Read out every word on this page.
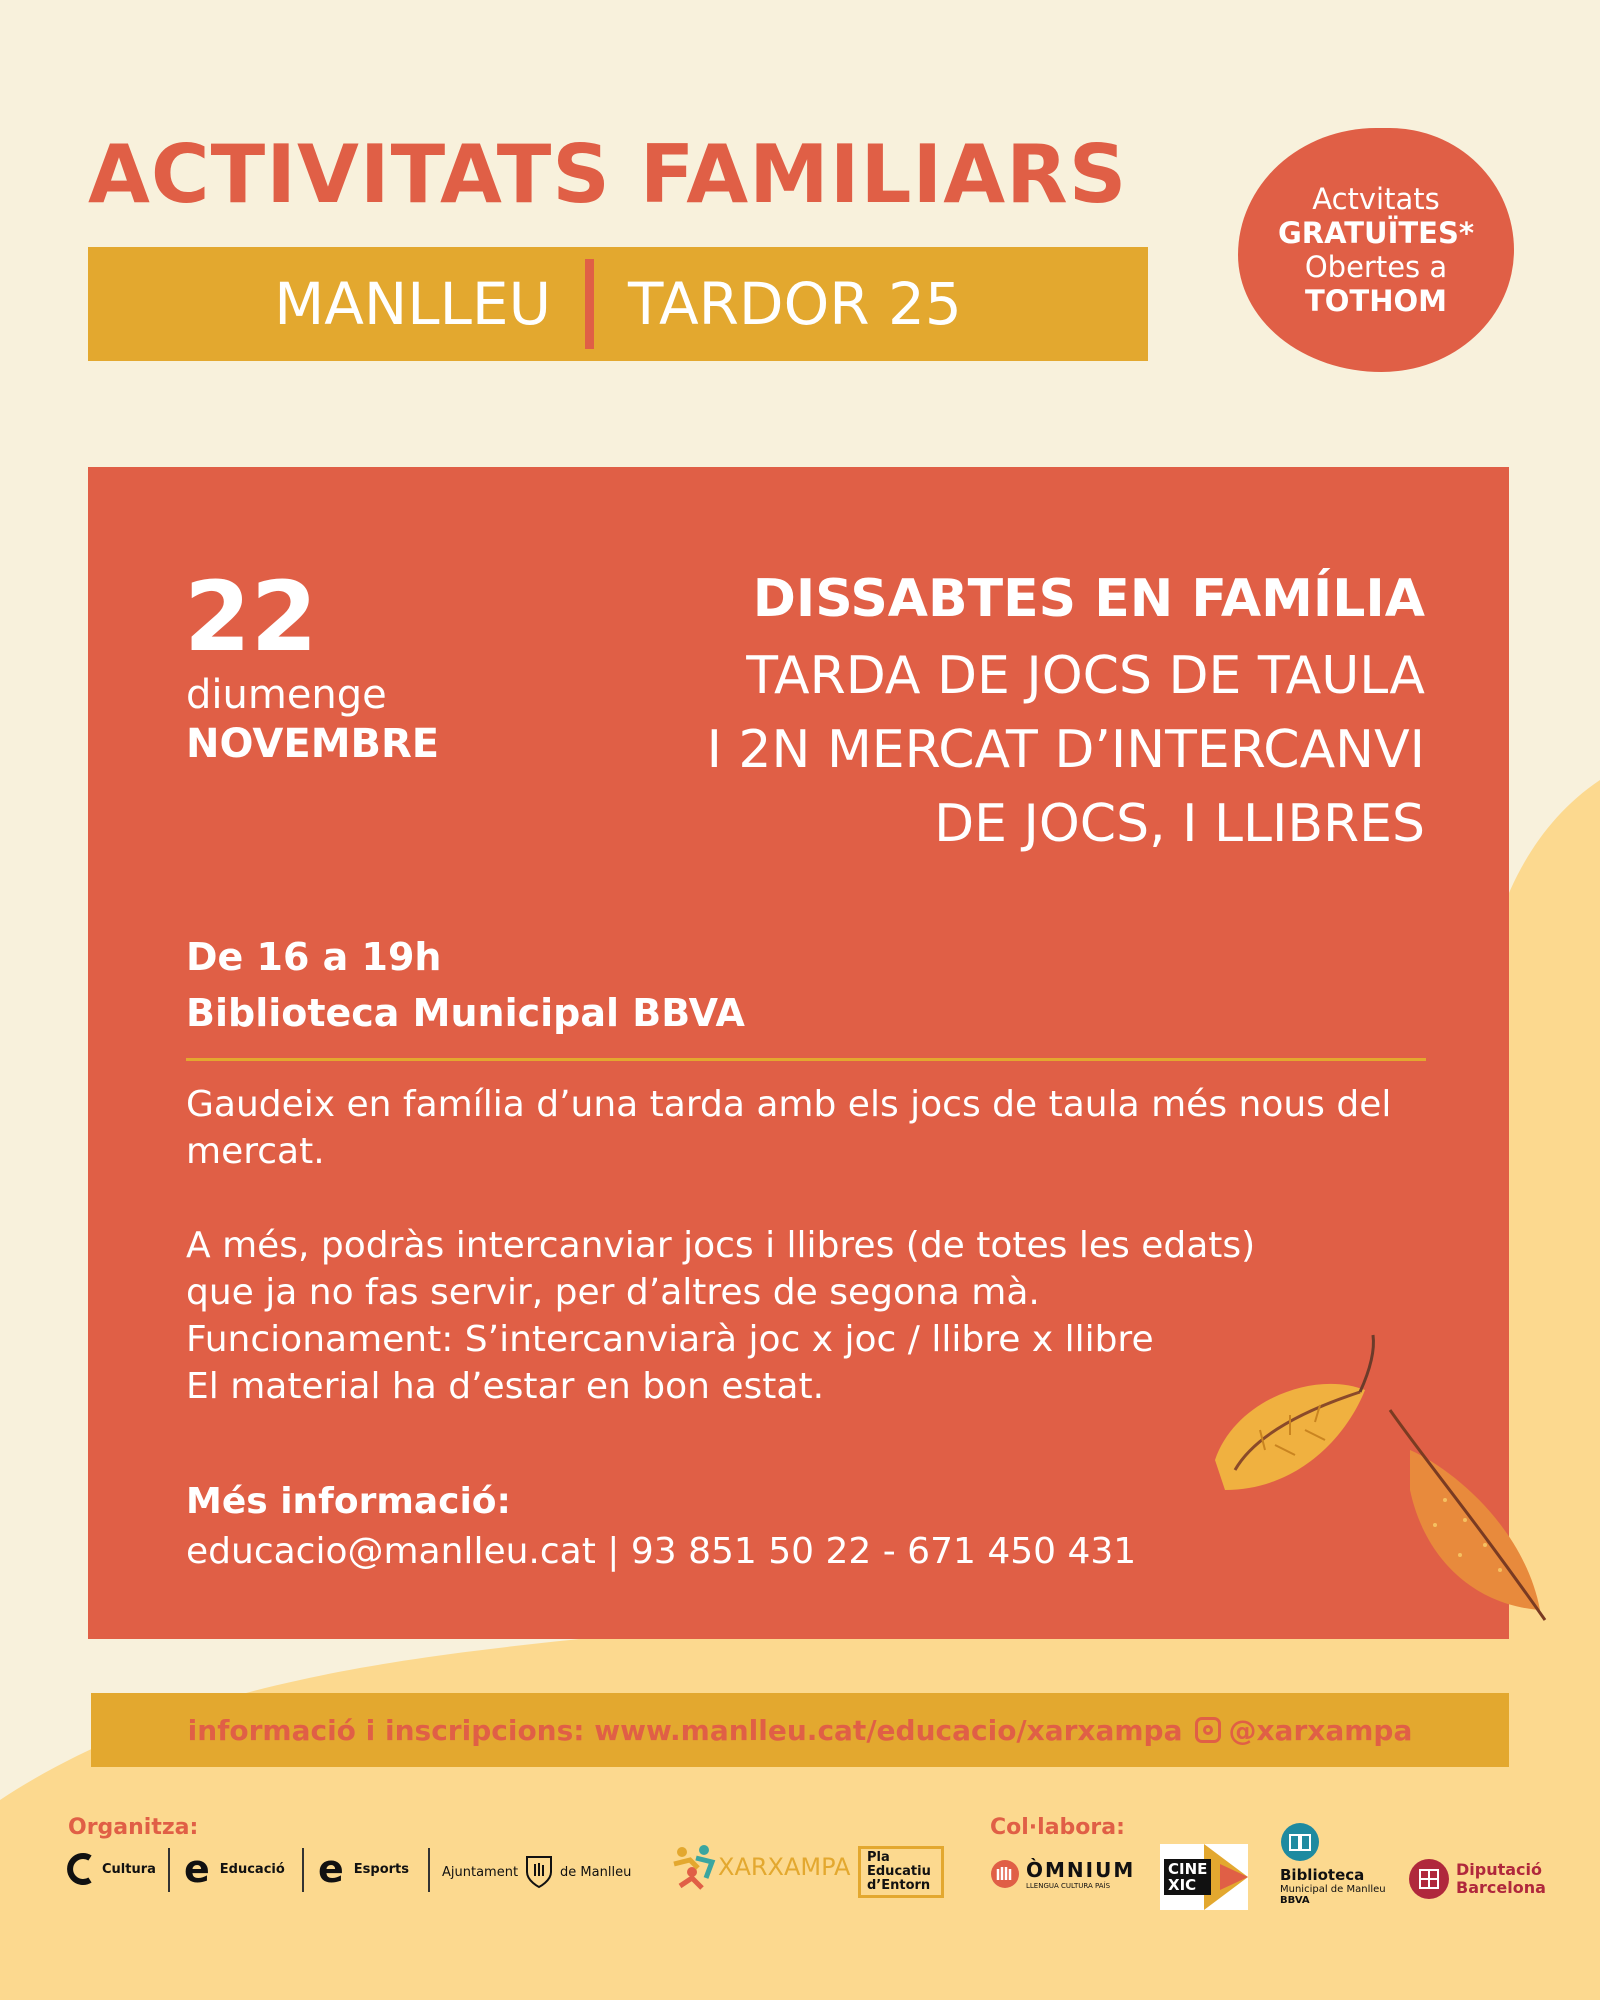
ACTIVITATS FAMILIARS
MANLLEU TARDOR 25
Actvitats
GRATUÏTES*
Obertes a
TOTHOM
22
diumenge
NOVEMBRE
DISSABTES EN FAMÍLIA
TARDA DE JOCS DE TAULA
I 2N MERCAT D’INTERCANVI
DE JOCS, I LLIBRES
De 16 a 19h
Biblioteca Municipal BBVA

Gaudeix en família d’una tarda amb els jocs de taula més nous del mercat.

A més, podràs intercanviar jocs i llibres (de totes les edats)

que ja no fas servir, per d’altres de segona mà.

Funcionament: S’intercanviarà joc x joc / llibre x llibre

El material ha d’estar en bon estat.

Més informació:
educacio@manlleu.cat | 93 851 50 22 - 671 450 431
informació i inscripcions: www.manlleu.cat/educacio/xarxampa @xarxampa
Organitza:	Col·labora:
Cultura e Educació e Esports	Ajuntament	de Manlleu	XARXAMPA Pla
Educatiu
d’Entorn
ÒMNIUM
LLENGUA CULTURA PAÍS
CINE
XIC
Biblioteca
Municipal de Manlleu
BBVA
Diputació
Barcelona
